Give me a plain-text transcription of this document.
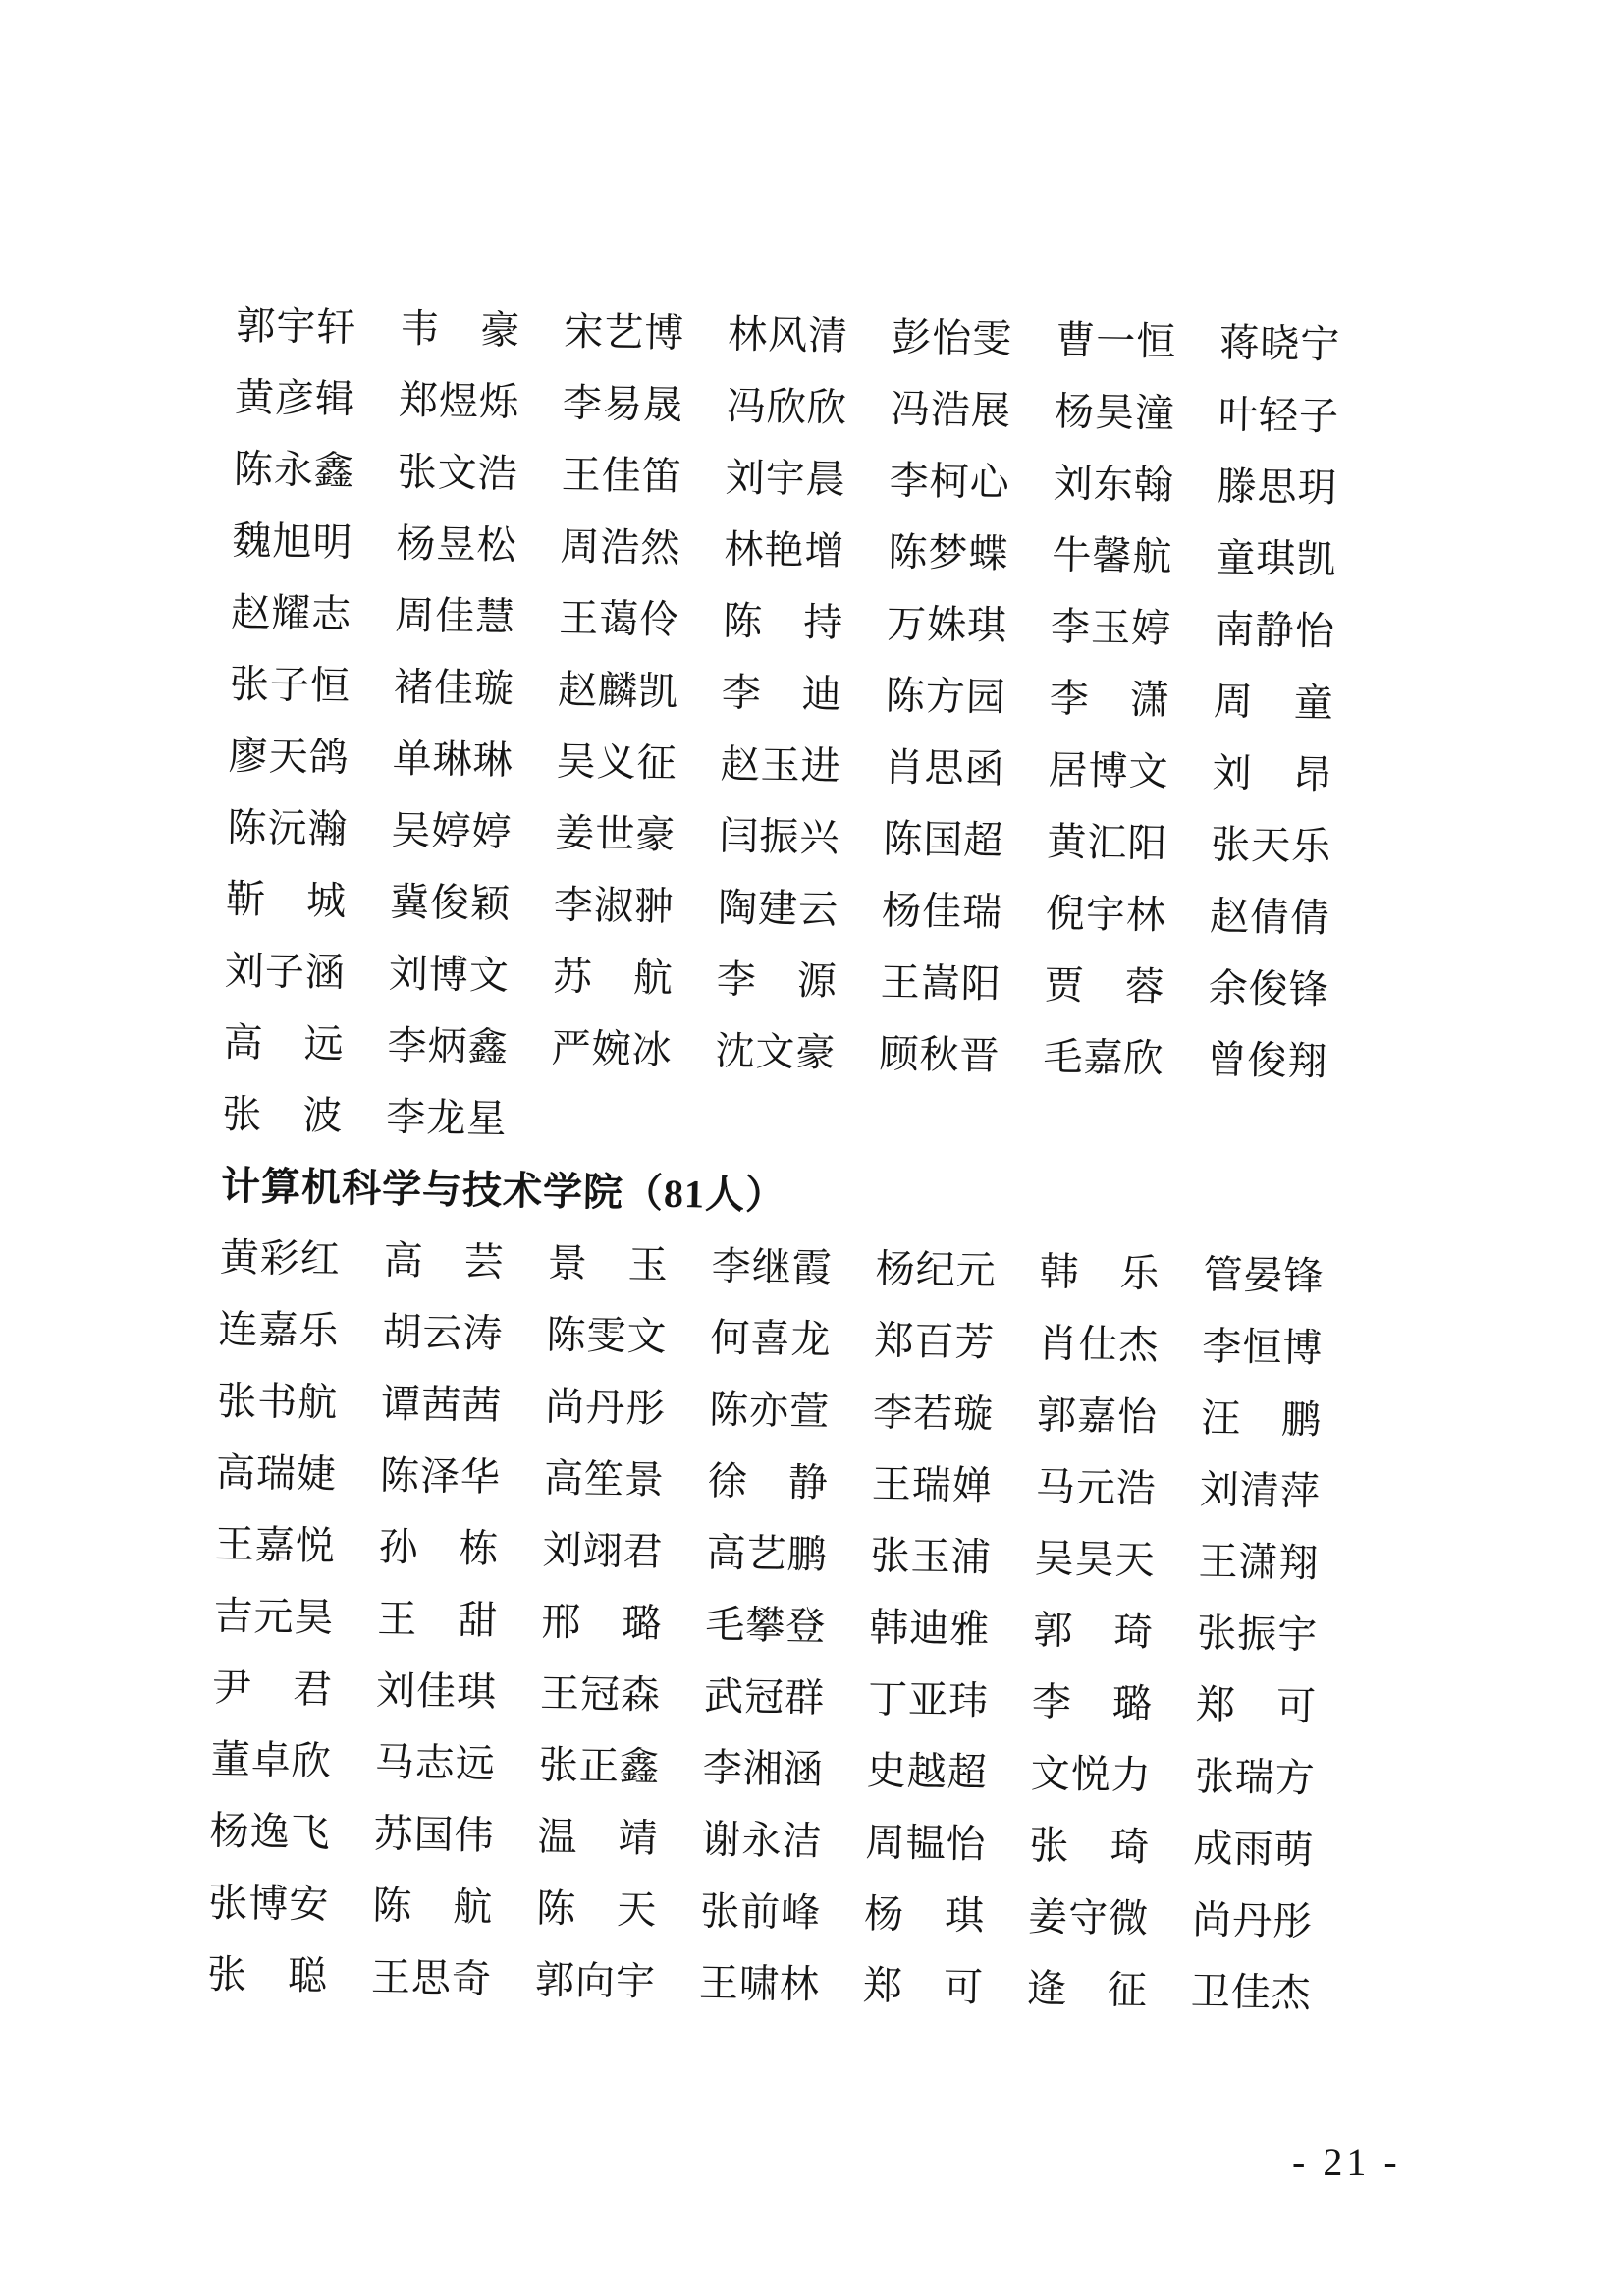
郭宇轩	韦　豪	宋艺博	林风清	彭怡雯	曹一恒	蒋晓宁
黄彦辑	郑煜烁	李易晟	冯欣欣	冯浩展	杨昊潼	叶轻子
陈永鑫	张文浩	王佳笛	刘宇晨	李柯心	刘东翰	滕思玥
魏旭明	杨昱松	周浩然	林艳增	陈梦蝶	牛馨航	童琪凯
赵耀志	周佳慧	王蔼伶	陈　持	万姝琪	李玉婷	南静怡
张子恒	褚佳璇	赵麟凯	李　迪	陈方园	李　潇	周　童
廖天鸽	单琳琳	吴义征	赵玉进	肖思函	居博文	刘　昂
陈沅瀚	吴婷婷	姜世豪	闫振兴	陈国超	黄汇阳	张天乐
靳　城	冀俊颖	李淑翀	陶建云	杨佳瑞	倪宇林	赵倩倩
刘子涵	刘博文	苏　航	李　源	王嵩阳	贾　蓉	余俊锋
高　远	李炳鑫	严婉冰	沈文豪	顾秋晋	毛嘉欣	曾俊翔
张　波	李龙星
计算机科学与技术学院（81人）
黄彩红	高　芸	景　玉	李继霞	杨纪元	韩　乐	管晏锋
连嘉乐	胡云涛	陈雯文	何喜龙	郑百芳	肖仕杰	李恒博
张书航	谭茜茜	尚丹彤	陈亦萱	李若璇	郭嘉怡	汪　鹏
高瑞婕	陈泽华	高笙景	徐　静	王瑞婵	马元浩	刘清萍
王嘉悦	孙　栋	刘翊君	高艺鹏	张玉浦	吴昊天	王潇翔
吉元昊	王　甜	邢　璐	毛攀登	韩迪雅	郭　琦	张振宇
尹　君	刘佳琪	王冠森	武冠群	丁亚玮	李　璐	郑　可
董卓欣	马志远	张正鑫	李湘涵	史越超	文悦力	张瑞方
杨逸飞	苏国伟	温　靖	谢永洁	周韫怡	张　琦	成雨萌
张博安	陈　航	陈　天	张前峰	杨　琪	姜守微	尚丹彤
张　聪	王思奇	郭向宇	王啸林	郑　可	逄　征	卫佳杰
- 21 -
